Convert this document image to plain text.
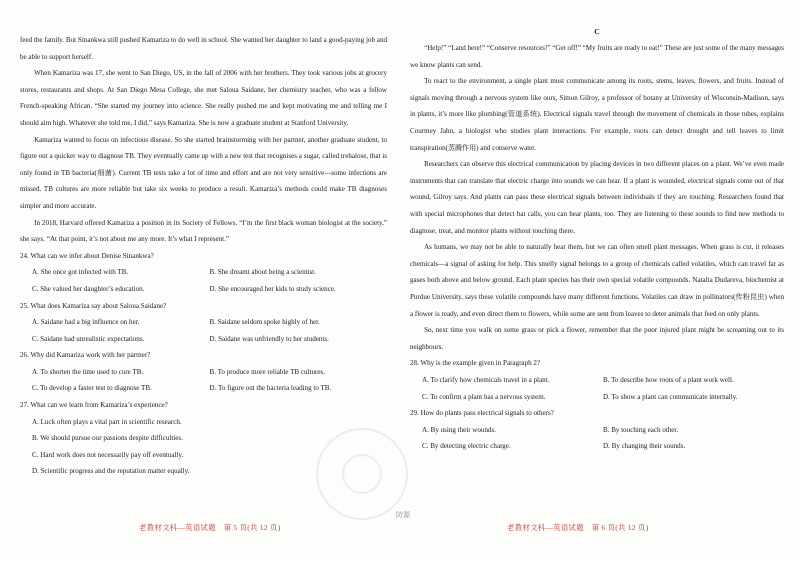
feed the family. But Sinankwa still pushed Kamariza to do well in school. She wanted her daughter to land a good-paying job and be able to support herself.
When Kamariza was 17, she went to San Diego, US, in the fall of 2006 with her brothers. They took various jobs at grocery stores, restaurants and shops. At San Diego Mesa College, she met Saloua Saidane, her chemistry teacher, who was a fellow French-speaking African. “She started my journey into science. She really pushed me and kept motivating me and telling me I should aim high. Whatever she told me, I did,” says Kamariza. She is now a graduate student at Stanford University.
Kamariza wanted to focus on infectious disease. So she started brainstorming with her partner, another graduate student, to figure out a quicker way to diagnose TB. They eventually came up with a new test that recognises a sugar, called trehalose, that is only found in TB bacteria(细菌). Current TB tests take a lot of time and effort and are not very sensitive—some infections are missed. TB cultures are more reliable but take six weeks to produce a result. Kamariza’s methods could make TB diagnoses simpler and more accurate.
In 2018, Harvard offered Kamariza a position in its Society of Fellows. “I’m the first black woman biologist at the society,” she says. “At that point, it’s not about me any more. It’s what I represent.”
24. What can we infer about Denise Sinankwa?
A. She once got infected with TB.	B. She dreamt about being a scientist.
C. She valued her daughter’s education.	D. She encouraged her kids to study science.
25. What does Kamariza say about Saloua Saidane?
A. Saidane had a big influence on her.	B. Saidane seldom spoke highly of her.
C. Saidane had unrealistic expectations.	D. Saidane was unfriendly to her students.
26. Why did Kamariza work with her partner?
A. To shorten the time used to cure TB.	B. To produce more reliable TB cultures.
C. To develop a faster test to diagnose TB.	D. To figure out the bacteria leading to TB.
27. What can we learn from Kamariza’s experience?
A. Luck often plays a vital part in scientific research.
B. We should pursue our passions despite difficulties.
C. Hard work does not necessarily pay off eventually.
D. Scientific progress and the reputation matter equally.
C
“Help!” “Land here!” “Conserve resources!” “Get off!” “My fruits are ready to eat!” These are just some of the many messages we know plants can send.
To react to the environment, a single plant must communicate among its roots, stems, leaves, flowers, and fruits. Instead of signals moving through a nervous system like ours, Simon Gilroy, a professor of botany at University of Wisconsin-Madison, says in plants, it’s more like plumbing(管道系统). Electrical signals travel through the movement of chemicals in those tubes, explains Courtney Jahn, a biologist who studies plant interactions. For example, roots can detect drought and tell leaves to limit transpiration(蒸腾作用) and conserve water.
Researchers can observe this electrical communication by placing devices in two different places on a plant. We’ve even made instruments that can translate that electric charge into sounds we can hear. If a plant is wounded, electrical signals come out of that wound, Gilroy says. And plants can pass these electrical signals between individuals if they are touching. Researchers found that with special microphones that detect bat calls, you can hear plants, too. They are listening to these sounds to find new methods to diagnose, treat, and monitor plants without touching there.
As humans, we may not be able to naturally hear them, but we can often smell plant messages. When grass is cut, it releases chemicals—a signal of asking for help. This smelly signal belongs to a group of chemicals called volatiles, which can travel far as gases both above and below ground. Each plant species has their own special volatile compounds. Natalia Dudareva, biochemist at Purdue University, says these volatile compounds have many different functions. Volatiles can draw in pollinators(传粉昆虫) when a flower is ready, and even direct them to flowers, while some are sent from leaves to deter animals that feed on only plants.
So, next time you walk on some grass or pick a flower, remember that the poor injured plant might be screaming out to its neighbours.
28. Why is the example given in Paragraph 2?
A. To clarify how chemicals travel in a plant.	B. To describe how roots of a plant work well.
C. To confirm a plant has a nervous system.	D. To show a plant can communicate internally.
29. How do plants pass electrical signals to others?
A. By using their wounds.	B. By touching each other.
C. By detecting electric charge.	D. By changing their sounds.
防源
老教材文科—英语试题　第 5 页(共 12 页)	老教材文科—英语试题　第 6 页(共 12 页)
